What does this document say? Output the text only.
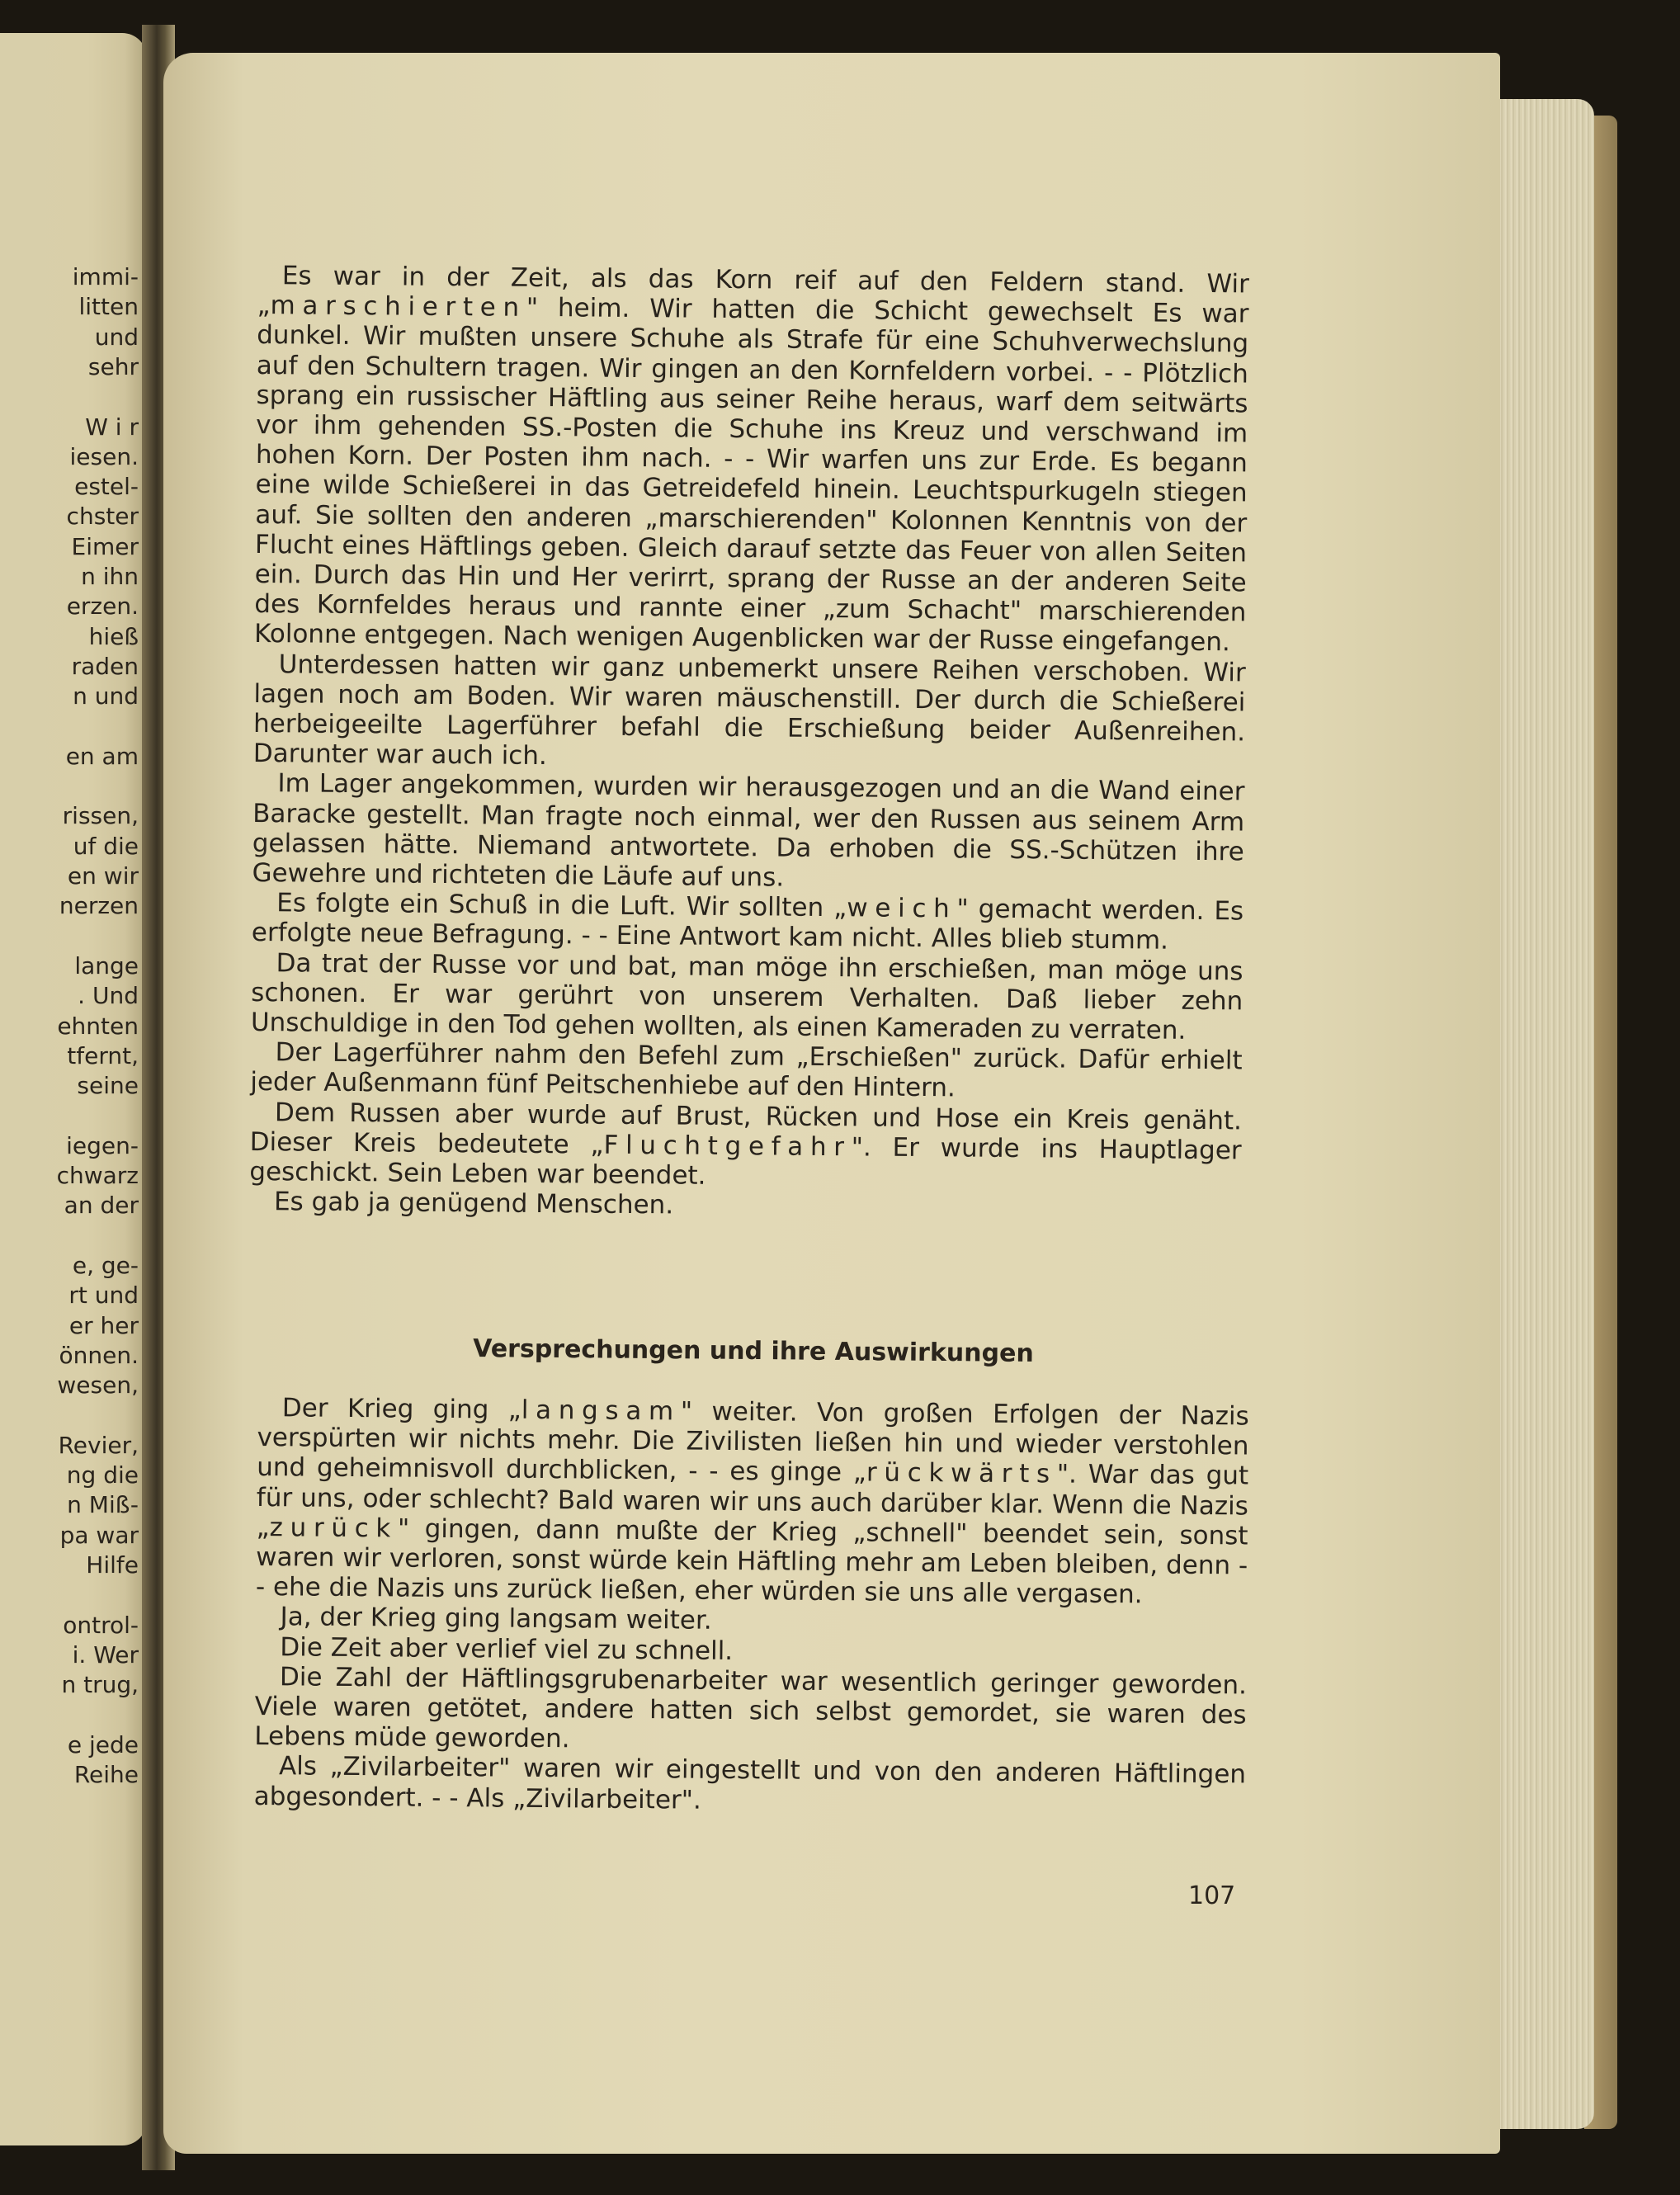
immi-
litten
und
sehr
W i r
iesen.
estel-
chster
Eimer
n ihn
erzen.
hieß
raden
n und
en am
rissen,
uf die
en wir
nerzen
lange
. Und
ehnten
tfernt,
seine
iegen-
chwarz
an der
e, ge-
rt und
er her
önnen.
wesen,
Revier,
ng die
n Miß-
pa war
Hilfe
ontrol-
i. Wer
n trug,
e jede
Reihe

Es war in der Zeit, als das Korn reif auf den Feldern stand. Wir „marschierten" heim. Wir hatten die Schicht gewechselt Es war dunkel. Wir mußten unsere Schuhe als Strafe für eine Schuhverwechslung auf den Schultern tragen. Wir gingen an den Kornfeldern vorbei. - - Plötzlich sprang ein russischer Häftling aus seiner Reihe heraus, warf dem seitwärts vor ihm gehenden SS.-Posten die Schuhe ins Kreuz und verschwand im hohen Korn. Der Posten ihm nach. - - Wir warfen uns zur Erde. Es begann eine wilde Schießerei in das Getreidefeld hinein. Leuchtspurkugeln stiegen auf. Sie sollten den anderen „marschierenden" Kolonnen Kenntnis von der Flucht eines Häftlings geben. Gleich darauf setzte das Feuer von allen Seiten ein. Durch das Hin und Her verirrt, sprang der Russe an der anderen Seite des Kornfeldes heraus und rannte einer „zum Schacht" marschierenden Kolonne entgegen. Nach wenigen Augenblicken war der Russe eingefangen.

Unterdessen hatten wir ganz unbemerkt unsere Reihen verschoben. Wir lagen noch am Boden. Wir waren mäuschenstill. Der durch die Schießerei herbeigeeilte Lagerführer befahl die Erschießung beider Außenreihen. Darunter war auch ich.

Im Lager angekommen, wurden wir herausgezogen und an die Wand einer Baracke gestellt. Man fragte noch einmal, wer den Russen aus seinem Arm gelassen hätte. Niemand antwortete. Da erhoben die SS.-Schützen ihre Gewehre und richteten die Läufe auf uns.

Es folgte ein Schuß in die Luft. Wir sollten „weich" gemacht werden. Es erfolgte neue Befragung. - - Eine Antwort kam nicht. Alles blieb stumm.

Da trat der Russe vor und bat, man möge ihn erschießen, man möge uns schonen. Er war gerührt von unserem Verhalten. Daß lieber zehn Unschuldige in den Tod gehen wollten, als einen Kameraden zu verraten.

Der Lagerführer nahm den Befehl zum „Erschießen" zurück. Dafür erhielt jeder Außenmann fünf Peitschenhiebe auf den Hintern.

Dem Russen aber wurde auf Brust, Rücken und Hose ein Kreis genäht. Dieser Kreis bedeutete „Fluchtgefahr". Er wurde ins Hauptlager geschickt. Sein Leben war beendet.

Es gab ja genügend Menschen.

Versprechungen und ihre Auswirkungen

Der Krieg ging „langsam" weiter. Von großen Erfolgen der Nazis verspürten wir nichts mehr. Die Zivilisten ließen hin und wieder verstohlen und geheimnisvoll durchblicken, - - es ginge „rückwärts". War das gut für uns, oder schlecht? Bald waren wir uns auch darüber klar. Wenn die Nazis „zurück" gingen, dann mußte der Krieg „schnell" beendet sein, sonst waren wir verloren, sonst würde kein Häftling mehr am Leben bleiben, denn - - ehe die Nazis uns zurück ließen, eher würden sie uns alle vergasen.

Ja, der Krieg ging langsam weiter.

Die Zeit aber verlief viel zu schnell.

Die Zahl der Häftlingsgrubenarbeiter war wesentlich geringer geworden. Viele waren getötet, andere hatten sich selbst gemordet, sie waren des Lebens müde geworden.

Als „Zivilarbeiter" waren wir eingestellt und von den anderen Häftlingen abgesondert. - - Als „Zivilarbeiter".

107
